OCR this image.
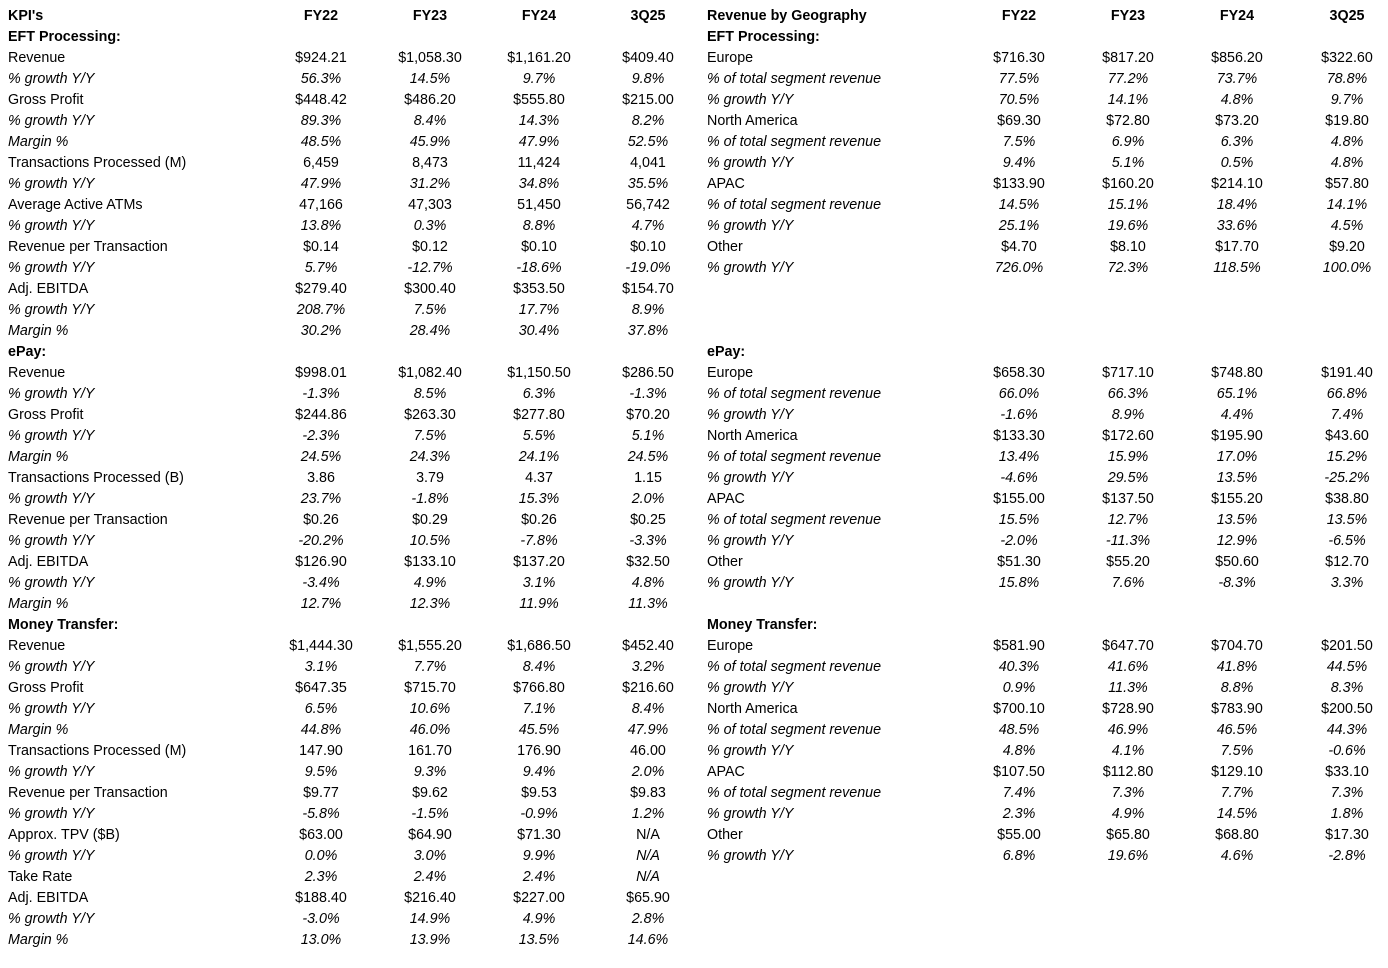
KPI's	FY22	FY23	FY24	3Q25
EFT Processing:
Revenue	$924.21	$1,058.30	$1,161.20	$409.40
% growth Y/Y	56.3%	14.5%	9.7%	9.8%
Gross Profit	$448.42	$486.20	$555.80	$215.00
% growth Y/Y	89.3%	8.4%	14.3%	8.2%
Margin %	48.5%	45.9%	47.9%	52.5%
Transactions Processed (M)	6,459	8,473	11,424	4,041
% growth Y/Y	47.9%	31.2%	34.8%	35.5%
Average Active ATMs	47,166	47,303	51,450	56,742
% growth Y/Y	13.8%	0.3%	8.8%	4.7%
Revenue per Transaction	$0.14	$0.12	$0.10	$0.10
% growth Y/Y	5.7%	-12.7%	-18.6%	-19.0%
Adj. EBITDA	$279.40	$300.40	$353.50	$154.70
% growth Y/Y	208.7%	7.5%	17.7%	8.9%
Margin %	30.2%	28.4%	30.4%	37.8%
ePay:
Revenue	$998.01	$1,082.40	$1,150.50	$286.50
% growth Y/Y	-1.3%	8.5%	6.3%	-1.3%
Gross Profit	$244.86	$263.30	$277.80	$70.20
% growth Y/Y	-2.3%	7.5%	5.5%	5.1%
Margin %	24.5%	24.3%	24.1%	24.5%
Transactions Processed (B)	3.86	3.79	4.37	1.15
% growth Y/Y	23.7%	-1.8%	15.3%	2.0%
Revenue per Transaction	$0.26	$0.29	$0.26	$0.25
% growth Y/Y	-20.2%	10.5%	-7.8%	-3.3%
Adj. EBITDA	$126.90	$133.10	$137.20	$32.50
% growth Y/Y	-3.4%	4.9%	3.1%	4.8%
Margin %	12.7%	12.3%	11.9%	11.3%
Money Transfer:
Revenue	$1,444.30	$1,555.20	$1,686.50	$452.40
% growth Y/Y	3.1%	7.7%	8.4%	3.2%
Gross Profit	$647.35	$715.70	$766.80	$216.60
% growth Y/Y	6.5%	10.6%	7.1%	8.4%
Margin %	44.8%	46.0%	45.5%	47.9%
Transactions Processed (M)	147.90	161.70	176.90	46.00
% growth Y/Y	9.5%	9.3%	9.4%	2.0%
Revenue per Transaction	$9.77	$9.62	$9.53	$9.83
% growth Y/Y	-5.8%	-1.5%	-0.9%	1.2%
Approx. TPV ($B)	$63.00	$64.90	$71.30	N/A
% growth Y/Y	0.0%	3.0%	9.9%	N/A
Take Rate	2.3%	2.4%	2.4%	N/A
Adj. EBITDA	$188.40	$216.40	$227.00	$65.90
% growth Y/Y	-3.0%	14.9%	4.9%	2.8%
Margin %	13.0%	13.9%	13.5%	14.6%
Revenue by Geography	FY22	FY23	FY24	3Q25
EFT Processing:
Europe	$716.30	$817.20	$856.20	$322.60
% of total segment revenue	77.5%	77.2%	73.7%	78.8%
% growth Y/Y	70.5%	14.1%	4.8%	9.7%
North America	$69.30	$72.80	$73.20	$19.80
% of total segment revenue	7.5%	6.9%	6.3%	4.8%
% growth Y/Y	9.4%	5.1%	0.5%	4.8%
APAC	$133.90	$160.20	$214.10	$57.80
% of total segment revenue	14.5%	15.1%	18.4%	14.1%
% growth Y/Y	25.1%	19.6%	33.6%	4.5%
Other	$4.70	$8.10	$17.70	$9.20
% growth Y/Y	726.0%	72.3%	118.5%	100.0%
ePay:
Europe	$658.30	$717.10	$748.80	$191.40
% of total segment revenue	66.0%	66.3%	65.1%	66.8%
% growth Y/Y	-1.6%	8.9%	4.4%	7.4%
North America	$133.30	$172.60	$195.90	$43.60
% of total segment revenue	13.4%	15.9%	17.0%	15.2%
% growth Y/Y	-4.6%	29.5%	13.5%	-25.2%
APAC	$155.00	$137.50	$155.20	$38.80
% of total segment revenue	15.5%	12.7%	13.5%	13.5%
% growth Y/Y	-2.0%	-11.3%	12.9%	-6.5%
Other	$51.30	$55.20	$50.60	$12.70
% growth Y/Y	15.8%	7.6%	-8.3%	3.3%
Money Transfer:
Europe	$581.90	$647.70	$704.70	$201.50
% of total segment revenue	40.3%	41.6%	41.8%	44.5%
% growth Y/Y	0.9%	11.3%	8.8%	8.3%
North America	$700.10	$728.90	$783.90	$200.50
% of total segment revenue	48.5%	46.9%	46.5%	44.3%
% growth Y/Y	4.8%	4.1%	7.5%	-0.6%
APAC	$107.50	$112.80	$129.10	$33.10
% of total segment revenue	7.4%	7.3%	7.7%	7.3%
% growth Y/Y	2.3%	4.9%	14.5%	1.8%
Other	$55.00	$65.80	$68.80	$17.30
% growth Y/Y	6.8%	19.6%	4.6%	-2.8%
